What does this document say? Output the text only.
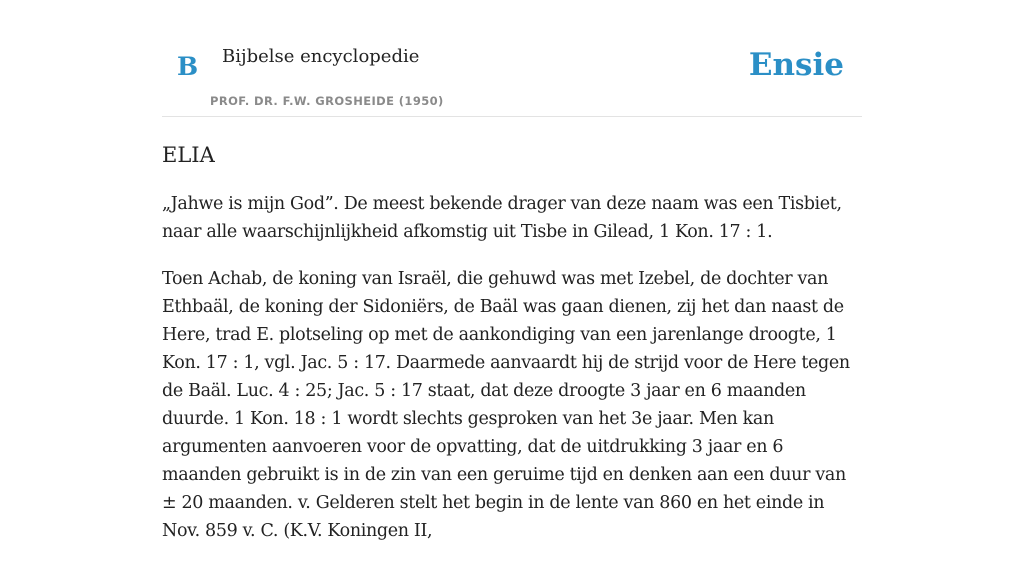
B Bijbelse encyclopedie
PROF. DR. F.W. GROSHEIDE (1950)
Ensie
ELIA

„Jahwe is mijn God”. De meest bekende drager van deze naam was een Tisbiet, naar alle waarschijnlijkheid afkomstig uit Tisbe in Gilead, 1 Kon. 17 : 1.

Toen Achab, de koning van Israël, die gehuwd was met Izebel, de dochter van Ethbaäl, de koning der Sidoniërs, de Baäl was gaan dienen, zij het dan naast de Here, trad E. plotseling op met de aankondiging van een jarenlange droogte, 1 Kon. 17 : 1, vgl. Jac. 5 : 17. Daarmede aanvaardt hij de strijd voor de Here tegen de Baäl. Luc. 4 : 25; Jac. 5 : 17 staat, dat deze droogte 3 jaar en 6 maanden duurde. 1 Kon. 18 : 1 wordt slechts gesproken van het 3e jaar. Men kan argumenten aanvoeren voor de opvatting, dat de uitdrukking 3 jaar en 6 maanden gebruikt is in de zin van een geruime tijd en denken aan een duur van ± 20 maanden. v. Gelderen stelt het begin in de lente van 860 en het einde in Nov. 859 v. C. (K.V. Koningen II,
